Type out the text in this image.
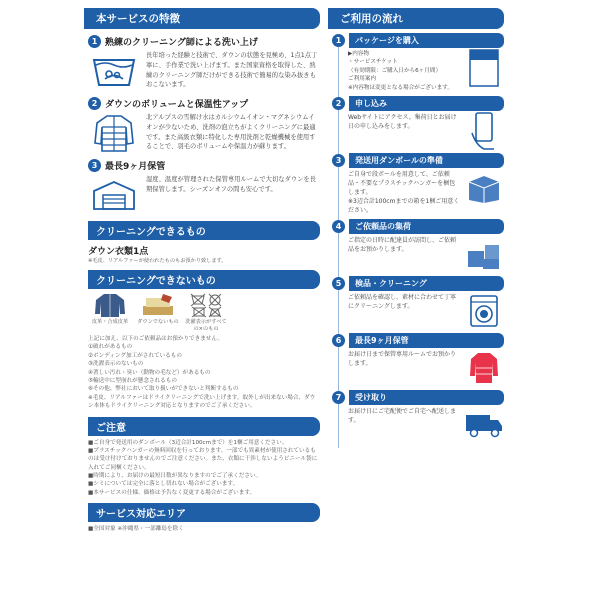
本サービスの特徴
1 熟練のクリーニング師による洗い上げ
長年培った経験と技術で、ダウンの状態を見極め、1点1点丁寧に、手作業で洗い上げます。また国家資格を取得した、熟練のクリーニング師だけができる技術で簡易的な染み抜きもおこないます。
2 ダウンのボリュームと保温性アップ
北アルプスの雪解け水はカルシウムイオン・マグネシウムイオンが少ないため、洗剤の泡立ちがよくクリーニングに最適です。また高級衣類に特化した専用洗剤と乾燥機械を使用することで、羽毛のボリュームや保温力が蘇ります。
3 最長9ヶ月保管
湿度、温度が管理された保管専用ルームで大切なダウンを長期保管します。シーズンオフの間も安心です。
クリーニングできるもの
ダウン衣類1点
※毛皮、リアルファーが使われたものもお預かり致します。
クリーニングできないもの
皮革・合成皮革	ダウンでないもの 洗濯表示がすべての×のもの
上記に加え、以下のご依頼品はお預かりできません。
①破れがあるもの
②ボンディング加工がされているもの
③洗濯表示のないもの
④著しい汚れ・臭い（動物の毛など）があるもの
⑤輸送中に型崩れが懸念されるもの
⑥その他、弊社において取り扱いができないと判断するもの
※毛皮、リアルファーはドライクリーニングで洗い上げます。取外しが出来ない場合、ダウン本体もドライクリーニング対応となりますのでご了承ください。
ご注意
■ご自身で発送用のダンボール（3辺合計100cmまで）を1梱ご用意ください。
■プラスチックハンガーの無料回収を行っております。一部でも異素材が使用されているものは受け付けておりませんのでご注意ください。また、衣類に干渉しないようビニール袋に入れてご同梱ください。
■時期により、お届けの最短日数が異なりますのでご了承ください。
■シミについては完全に落とし切れない場合がございます。
■本サービスの仕様、価格は予告なく変更する場合がございます。
サービス対応エリア
■全国対象 ※沖縄県・一部離島を除く
ご利用の流れ
1	パッケージを購入
▶内容物
・サービスチケット
（有効期限：ご購入日から6ヶ月間）
ご利用案内
※内容物は変更となる場合がございます。
2	申し込み
Webサイトにアクセス。集荷日とお届け日の申し込みをします。
3	発送用ダンボールの準備
ご自身で段ボールを用意して、ご依頼品・不要なプラスチックハンガーを梱包します。
※3辺合計100cmまでの箱を1梱ご用意ください。
4	ご依頼品の集荷
ご指定の日時に配達員が訪問し、ご依頼品をお預かりします。
5	検品・クリーニング
ご依頼品を確認し、素材に合わせて丁寧にクリーニングします。
6	最長9ヶ月保管
お届け日まで保管専用ルームでお預かりします。
7	受け取り
お届け日にご宅配便でご自宅へ配送します。
